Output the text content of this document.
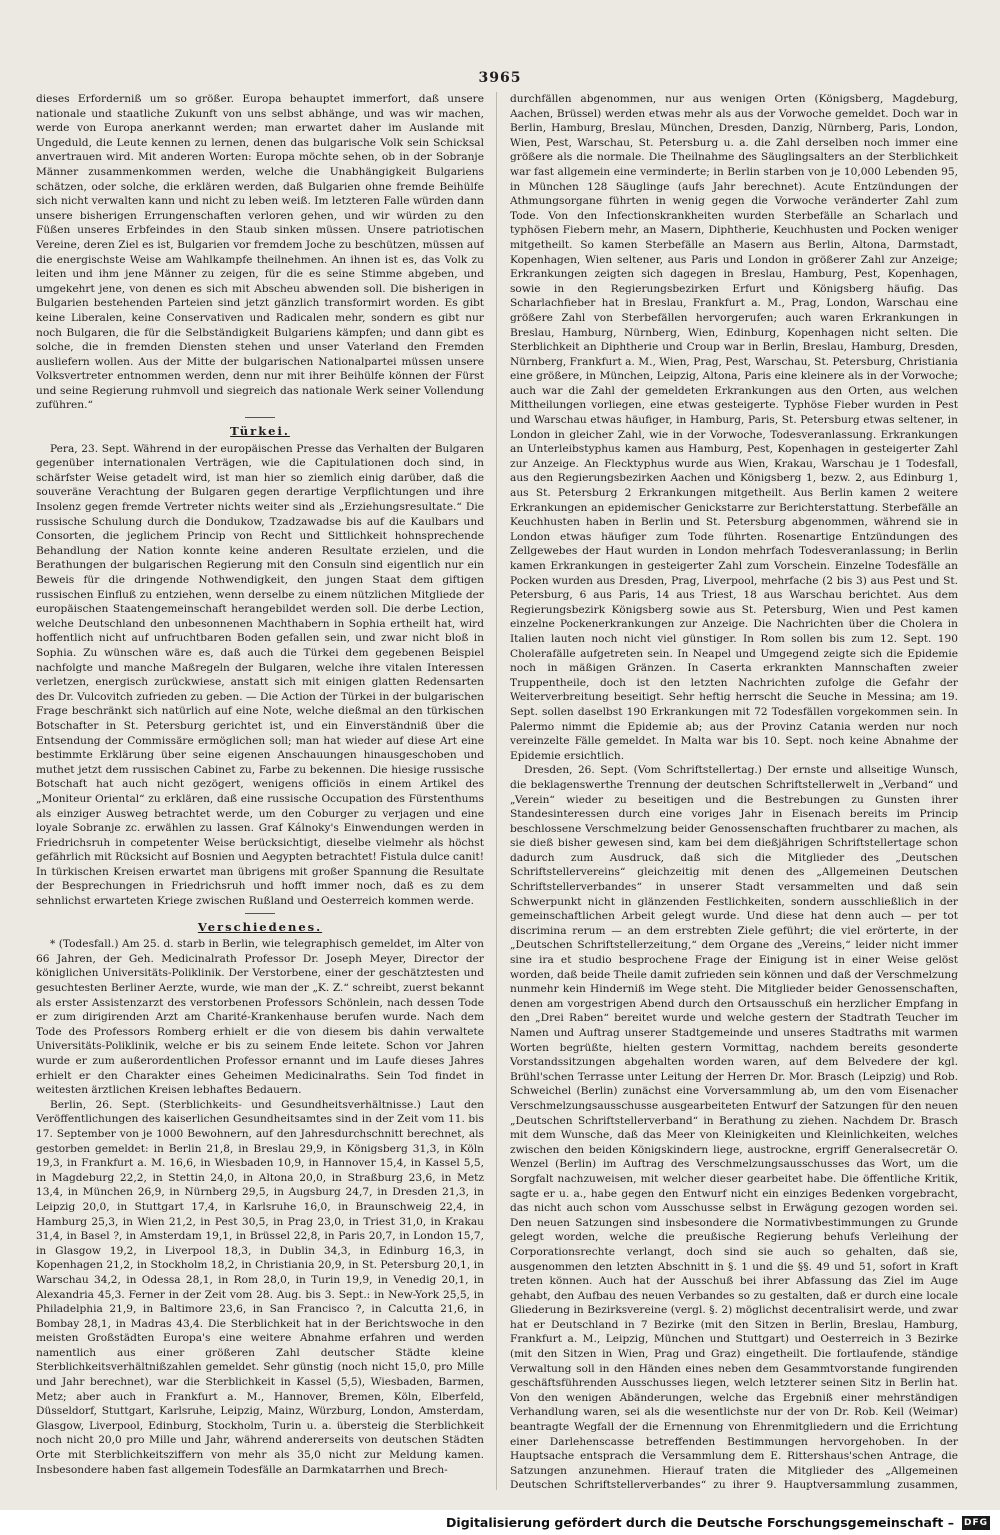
3965

dieses Erforderniß um so größer. Europa behauptet immerfort, daß unsere nationale und staatliche Zukunft von uns selbst abhänge, und was wir machen, werde von Europa anerkannt werden; man erwartet daher im Auslande mit Ungeduld, die Leute kennen zu lernen, denen das bulgarische Volk sein Schicksal anvertrauen wird. Mit anderen Worten: Europa möchte sehen, ob in der Sobranje Männer zusammenkommen werden, welche die Unabhängigkeit Bulgariens schätzen, oder solche, die erklären werden, daß Bulgarien ohne fremde Beihülfe sich nicht verwalten kann und nicht zu leben weiß. Im letzteren Falle würden dann unsere bisherigen Errungenschaften verloren gehen, und wir würden zu den Füßen unseres Erbfeindes in den Staub sinken müssen. Unsere patriotischen Vereine, deren Ziel es ist, Bulgarien vor fremdem Joche zu beschützen, müssen auf die energischste Weise am Wahlkampfe theilnehmen. An ihnen ist es, das Volk zu leiten und ihm jene Männer zu zeigen, für die es seine Stimme abgeben, und umgekehrt jene, von denen es sich mit Abscheu abwenden soll. Die bisherigen in Bulgarien bestehenden Parteien sind jetzt gänzlich transformirt worden. Es gibt keine Liberalen, keine Conservativen und Radicalen mehr, sondern es gibt nur noch Bulgaren, die für die Selbständigkeit Bulgariens kämpfen; und dann gibt es solche, die in fremden Diensten stehen und unser Vaterland den Fremden ausliefern wollen. Aus der Mitte der bulgarischen Nationalpartei müssen unsere Volksvertreter entnommen werden, denn nur mit ihrer Beihülfe können der Fürst und seine Regierung ruhmvoll und siegreich das nationale Werk seiner Vollendung zuführen.“

Türkei.

Pera, 23. Sept. Während in der europäischen Presse das Verhalten der Bulgaren gegenüber internationalen Verträgen, wie die Capitulationen doch sind, in schärfster Weise getadelt wird, ist man hier so ziemlich einig darüber, daß die souveräne Verachtung der Bulgaren gegen derartige Verpflichtungen und ihre Insolenz gegen fremde Vertreter nichts weiter sind als „Erziehungsresultate.“ Die russische Schulung durch die Dondukow, Tzadzawadse bis auf die Kaulbars und Consorten, die jeglichem Princip von Recht und Sittlichkeit hohnsprechende Behandlung der Nation konnte keine anderen Resultate erzielen, und die Berathungen der bulgarischen Regierung mit den Consuln sind eigentlich nur ein Beweis für die dringende Nothwendigkeit, den jungen Staat dem giftigen russischen Einfluß zu entziehen, wenn derselbe zu einem nützlichen Mitgliede der europäischen Staatengemeinschaft herangebildet werden soll. Die derbe Lection, welche Deutschland den unbesonnenen Machthabern in Sophia ertheilt hat, wird hoffentlich nicht auf unfruchtbaren Boden gefallen sein, und zwar nicht bloß in Sophia. Zu wünschen wäre es, daß auch die Türkei dem gegebenen Beispiel nachfolgte und manche Maßregeln der Bulgaren, welche ihre vitalen Interessen verletzen, energisch zurückwiese, anstatt sich mit einigen glatten Redensarten des Dr. Vulcovitch zufrieden zu geben. — Die Action der Türkei in der bulgarischen Frage beschränkt sich natürlich auf eine Note, welche dießmal an den türkischen Botschafter in St. Petersburg gerichtet ist, und ein Einverständniß über die Entsendung der Commissäre ermöglichen soll; man hat wieder auf diese Art eine bestimmte Erklärung über seine eigenen Anschauungen hinausgeschoben und muthet jetzt dem russischen Cabinet zu, Farbe zu bekennen. Die hiesige russische Botschaft hat auch nicht gezögert, wenigens officiös in einem Artikel des „Moniteur Oriental“ zu erklären, daß eine russische Occupation des Fürstenthums als einziger Ausweg betrachtet werde, um den Coburger zu verjagen und eine loyale Sobranje zc. erwählen zu lassen. Graf Kálnoky's Einwendungen werden in Friedrichsruh in competenter Weise berücksichtigt, dieselbe vielmehr als höchst gefährlich mit Rücksicht auf Bosnien und Aegypten betrachtet! Fistula dulce canit! In türkischen Kreisen erwartet man übrigens mit großer Spannung die Resultate der Besprechungen in Friedrichsruh und hofft immer noch, daß es zu dem sehnlichst erwarteten Kriege zwischen Rußland und Oesterreich kommen werde.

Verschiedenes.

* (Todesfall.) Am 25. d. starb in Berlin, wie telegraphisch gemeldet, im Alter von 66 Jahren, der Geh. Medicinalrath Professor Dr. Joseph Meyer, Director der königlichen Universitäts-Poliklinik. Der Verstorbene, einer der geschätztesten und gesuchtesten Berliner Aerzte, wurde, wie man der „K. Z.“ schreibt, zuerst bekannt als erster Assistenzarzt des verstorbenen Professors Schönlein, nach dessen Tode er zum dirigirenden Arzt am Charité-Krankenhause berufen wurde. Nach dem Tode des Professors Romberg erhielt er die von diesem bis dahin verwaltete Universitäts-Poliklinik, welche er bis zu seinem Ende leitete. Schon vor Jahren wurde er zum außerordentlichen Professor ernannt und im Laufe dieses Jahres erhielt er den Charakter eines Geheimen Medicinalraths. Sein Tod findet in weitesten ärztlichen Kreisen lebhaftes Bedauern.

Berlin, 26. Sept. (Sterblichkeits- und Gesundheitsverhältnisse.) Laut den Veröffentlichungen des kaiserlichen Gesundheitsamtes sind in der Zeit vom 11. bis 17. September von je 1000 Bewohnern, auf den Jahresdurchschnitt berechnet, als gestorben gemeldet: in Berlin 21,8, in Breslau 29,9, in Königsberg 31,3, in Köln 19,3, in Frankfurt a. M. 16,6, in Wiesbaden 10,9, in Hannover 15,4, in Kassel 5,5, in Magdeburg 22,2, in Stettin 24,0, in Altona 20,0, in Straßburg 23,6, in Metz 13,4, in München 26,9, in Nürnberg 29,5, in Augsburg 24,7, in Dresden 21,3, in Leipzig 20,0, in Stuttgart 17,4, in Karlsruhe 16,0, in Braunschweig 22,4, in Hamburg 25,3, in Wien 21,2, in Pest 30,5, in Prag 23,0, in Triest 31,0, in Krakau 31,4, in Basel ?, in Amsterdam 19,1, in Brüssel 22,8, in Paris 20,7, in London 15,7, in Glasgow 19,2, in Liverpool 18,3, in Dublin 34,3, in Edinburg 16,3, in Kopenhagen 21,2, in Stockholm 18,2, in Christiania 20,9, in St. Petersburg 20,1, in Warschau 34,2, in Odessa 28,1, in Rom 28,0, in Turin 19,9, in Venedig 20,1, in Alexandria 45,3. Ferner in der Zeit vom 28. Aug. bis 3. Sept.: in New-York 25,5, in Philadelphia 21,9, in Baltimore 23,6, in San Francisco ?, in Calcutta 21,6, in Bombay 28,1, in Madras 43,4. Die Sterblichkeit hat in der Berichtswoche in den meisten Großstädten Europa's eine weitere Abnahme erfahren und werden namentlich aus einer größeren Zahl deutscher Städte kleine Sterblichkeitsverhältnißzahlen gemeldet. Sehr günstig (noch nicht 15,0, pro Mille und Jahr berechnet), war die Sterblichkeit in Kassel (5,5), Wiesbaden, Barmen, Metz; aber auch in Frankfurt a. M., Hannover, Bremen, Köln, Elberfeld, Düsseldorf, Stuttgart, Karlsruhe, Leipzig, Mainz, Würzburg, London, Amsterdam, Glasgow, Liverpool, Edinburg, Stockholm, Turin u. a. übersteig die Sterblichkeit noch nicht 20,0 pro Mille und Jahr, während andererseits von deutschen Städten Orte mit Sterblichkeitsziffern von mehr als 35,0 nicht zur Meldung kamen. Insbesondere haben fast allgemein Todesfälle an Darmkatarrhen und Brech-

durchfällen abgenommen, nur aus wenigen Orten (Königsberg, Magdeburg, Aachen, Brüssel) werden etwas mehr als aus der Vorwoche gemeldet. Doch war in Berlin, Hamburg, Breslau, München, Dresden, Danzig, Nürnberg, Paris, London, Wien, Pest, Warschau, St. Petersburg u. a. die Zahl derselben noch immer eine größere als die normale. Die Theilnahme des Säuglingsalters an der Sterblichkeit war fast allgemein eine verminderte; in Berlin starben von je 10,000 Lebenden 95, in München 128 Säuglinge (aufs Jahr berechnet). Acute Entzündungen der Athmungsorgane führten in wenig gegen die Vorwoche veränderter Zahl zum Tode. Von den Infectionskrankheiten wurden Sterbefälle an Scharlach und typhösen Fiebern mehr, an Masern, Diphtherie, Keuchhusten und Pocken weniger mitgetheilt. So kamen Sterbefälle an Masern aus Berlin, Altona, Darmstadt, Kopenhagen, Wien seltener, aus Paris und London in größerer Zahl zur Anzeige; Erkrankungen zeigten sich dagegen in Breslau, Hamburg, Pest, Kopenhagen, sowie in den Regierungsbezirken Erfurt und Königsberg häufig. Das Scharlachfieber hat in Breslau, Frankfurt a. M., Prag, London, Warschau eine größere Zahl von Sterbefällen hervorgerufen; auch waren Erkrankungen in Breslau, Hamburg, Nürnberg, Wien, Edinburg, Kopenhagen nicht selten. Die Sterblichkeit an Diphtherie und Croup war in Berlin, Breslau, Hamburg, Dresden, Nürnberg, Frankfurt a. M., Wien, Prag, Pest, Warschau, St. Petersburg, Christiania eine größere, in München, Leipzig, Altona, Paris eine kleinere als in der Vorwoche; auch war die Zahl der gemeldeten Erkrankungen aus den Orten, aus welchen Mittheilungen vorliegen, eine etwas gesteigerte. Typhöse Fieber wurden in Pest und Warschau etwas häufiger, in Hamburg, Paris, St. Petersburg etwas seltener, in London in gleicher Zahl, wie in der Vorwoche, Todesveranlassung. Erkrankungen an Unterleibstyphus kamen aus Hamburg, Pest, Kopenhagen in gesteigerter Zahl zur Anzeige. An Flecktyphus wurde aus Wien, Krakau, Warschau je 1 Todesfall, aus den Regierungsbezirken Aachen und Königsberg 1, bezw. 2, aus Edinburg 1, aus St. Petersburg 2 Erkrankungen mitgetheilt. Aus Berlin kamen 2 weitere Erkrankungen an epidemischer Genickstarre zur Berichterstattung. Sterbefälle an Keuchhusten haben in Berlin und St. Petersburg abgenommen, während sie in London etwas häufiger zum Tode führten. Rosenartige Entzündungen des Zellgewebes der Haut wurden in London mehrfach Todesveranlassung; in Berlin kamen Erkrankungen in gesteigerter Zahl zum Vorschein. Einzelne Todesfälle an Pocken wurden aus Dresden, Prag, Liverpool, mehrfache (2 bis 3) aus Pest und St. Petersburg, 6 aus Paris, 14 aus Triest, 18 aus Warschau berichtet. Aus dem Regierungsbezirk Königsberg sowie aus St. Petersburg, Wien und Pest kamen einzelne Pockenerkrankungen zur Anzeige. Die Nachrichten über die Cholera in Italien lauten noch nicht viel günstiger. In Rom sollen bis zum 12. Sept. 190 Cholerafälle aufgetreten sein. In Neapel und Umgegend zeigte sich die Epidemie noch in mäßigen Gränzen. In Caserta erkrankten Mannschaften zweier Truppentheile, doch ist den letzten Nachrichten zufolge die Gefahr der Weiterverbreitung beseitigt. Sehr heftig herrscht die Seuche in Messina; am 19. Sept. sollen daselbst 190 Erkrankungen mit 72 Todesfällen vorgekommen sein. In Palermo nimmt die Epidemie ab; aus der Provinz Catania werden nur noch vereinzelte Fälle gemeldet. In Malta war bis 10. Sept. noch keine Abnahme der Epidemie ersichtlich.

Dresden, 26. Sept. (Vom Schriftstellertag.) Der ernste und allseitige Wunsch, die beklagenswerthe Trennung der deutschen Schriftstellerwelt in „Verband“ und „Verein“ wieder zu beseitigen und die Bestrebungen zu Gunsten ihrer Standesinteressen durch eine voriges Jahr in Eisenach bereits im Princip beschlossene Verschmelzung beider Genossenschaften fruchtbarer zu machen, als sie dieß bisher gewesen sind, kam bei dem dießjährigen Schriftstellertage schon dadurch zum Ausdruck, daß sich die Mitglieder des „Deutschen Schriftstellervereins“ gleichzeitig mit denen des „Allgemeinen Deutschen Schriftstellerverbandes“ in unserer Stadt versammelten und daß sein Schwerpunkt nicht in glänzenden Festlichkeiten, sondern ausschließlich in der gemeinschaftlichen Arbeit gelegt wurde. Und diese hat denn auch — per tot discrimina rerum — an dem erstrebten Ziele geführt; die viel erörterte, in der „Deutschen Schriftstellerzeitung,“ dem Organe des „Vereins,“ leider nicht immer sine ira et studio besprochene Frage der Einigung ist in einer Weise gelöst worden, daß beide Theile damit zufrieden sein können und daß der Verschmelzung nunmehr kein Hinderniß im Wege steht. Die Mitglieder beider Genossenschaften, denen am vorgestrigen Abend durch den Ortsausschuß ein herzlicher Empfang in den „Drei Raben“ bereitet wurde und welche gestern der Stadtrath Teucher im Namen und Auftrag unserer Stadtgemeinde und unseres Stadtraths mit warmen Worten begrüßte, hielten gestern Vormittag, nachdem bereits gesonderte Vorstandssitzungen abgehalten worden waren, auf dem Belvedere der kgl. Brühl'schen Terrasse unter Leitung der Herren Dr. Mor. Brasch (Leipzig) und Rob. Schweichel (Berlin) zunächst eine Vorversammlung ab, um den vom Eisenacher Verschmelzungsausschusse ausgearbeiteten Entwurf der Satzungen für den neuen „Deutschen Schriftstellerverband“ in Berathung zu ziehen. Nachdem Dr. Brasch mit dem Wunsche, daß das Meer von Kleinigkeiten und Kleinlichkeiten, welches zwischen den beiden Königskindern liege, austrockne, ergriff Generalsecretär O. Wenzel (Berlin) im Auftrag des Verschmelzungsausschusses das Wort, um die Sorgfalt nachzuweisen, mit welcher dieser gearbeitet habe. Die öffentliche Kritik, sagte er u. a., habe gegen den Entwurf nicht ein einziges Bedenken vorgebracht, das nicht auch schon vom Ausschusse selbst in Erwägung gezogen worden sei. Den neuen Satzungen sind insbesondere die Normativbestimmungen zu Grunde gelegt worden, welche die preußische Regierung behufs Verleihung der Corporationsrechte verlangt, doch sind sie auch so gehalten, daß sie, ausgenommen den letzten Abschnitt in §. 1 und die §§. 49 und 51, sofort in Kraft treten können. Auch hat der Ausschuß bei ihrer Abfassung das Ziel im Auge gehabt, den Aufbau des neuen Verbandes so zu gestalten, daß er durch eine locale Gliederung in Bezirksvereine (vergl. §. 2) möglichst decentralisirt werde, und zwar hat er Deutschland in 7 Bezirke (mit den Sitzen in Berlin, Breslau, Hamburg, Frankfurt a. M., Leipzig, München und Stuttgart) und Oesterreich in 3 Bezirke (mit den Sitzen in Wien, Prag und Graz) eingetheilt. Die fortlaufende, ständige Verwaltung soll in den Händen eines neben dem Gesammtvorstande fungirenden geschäftsführenden Ausschusses liegen, welch letzterer seinen Sitz in Berlin hat. Von den wenigen Abänderungen, welche das Ergebniß einer mehrständigen Verhandlung waren, sei als die wesentlichste nur der von Dr. Rob. Keil (Weimar) beantragte Wegfall der die Ernennung von Ehrenmitgliedern und die Errichtung einer Darlehenscasse betreffenden Bestimmungen hervorgehoben. In der Hauptsache entsprach die Versammlung dem E. Rittershaus'schen Antrage, die Satzungen anzunehmen. Hierauf traten die Mitglieder des „Allgemeinen Deutschen Schriftstellerverbandes“ zu ihrer 9. Hauptversammlung zusammen,

Digitalisierung gefördert durch die Deutsche Forschungsgemeinschaft – DFG
